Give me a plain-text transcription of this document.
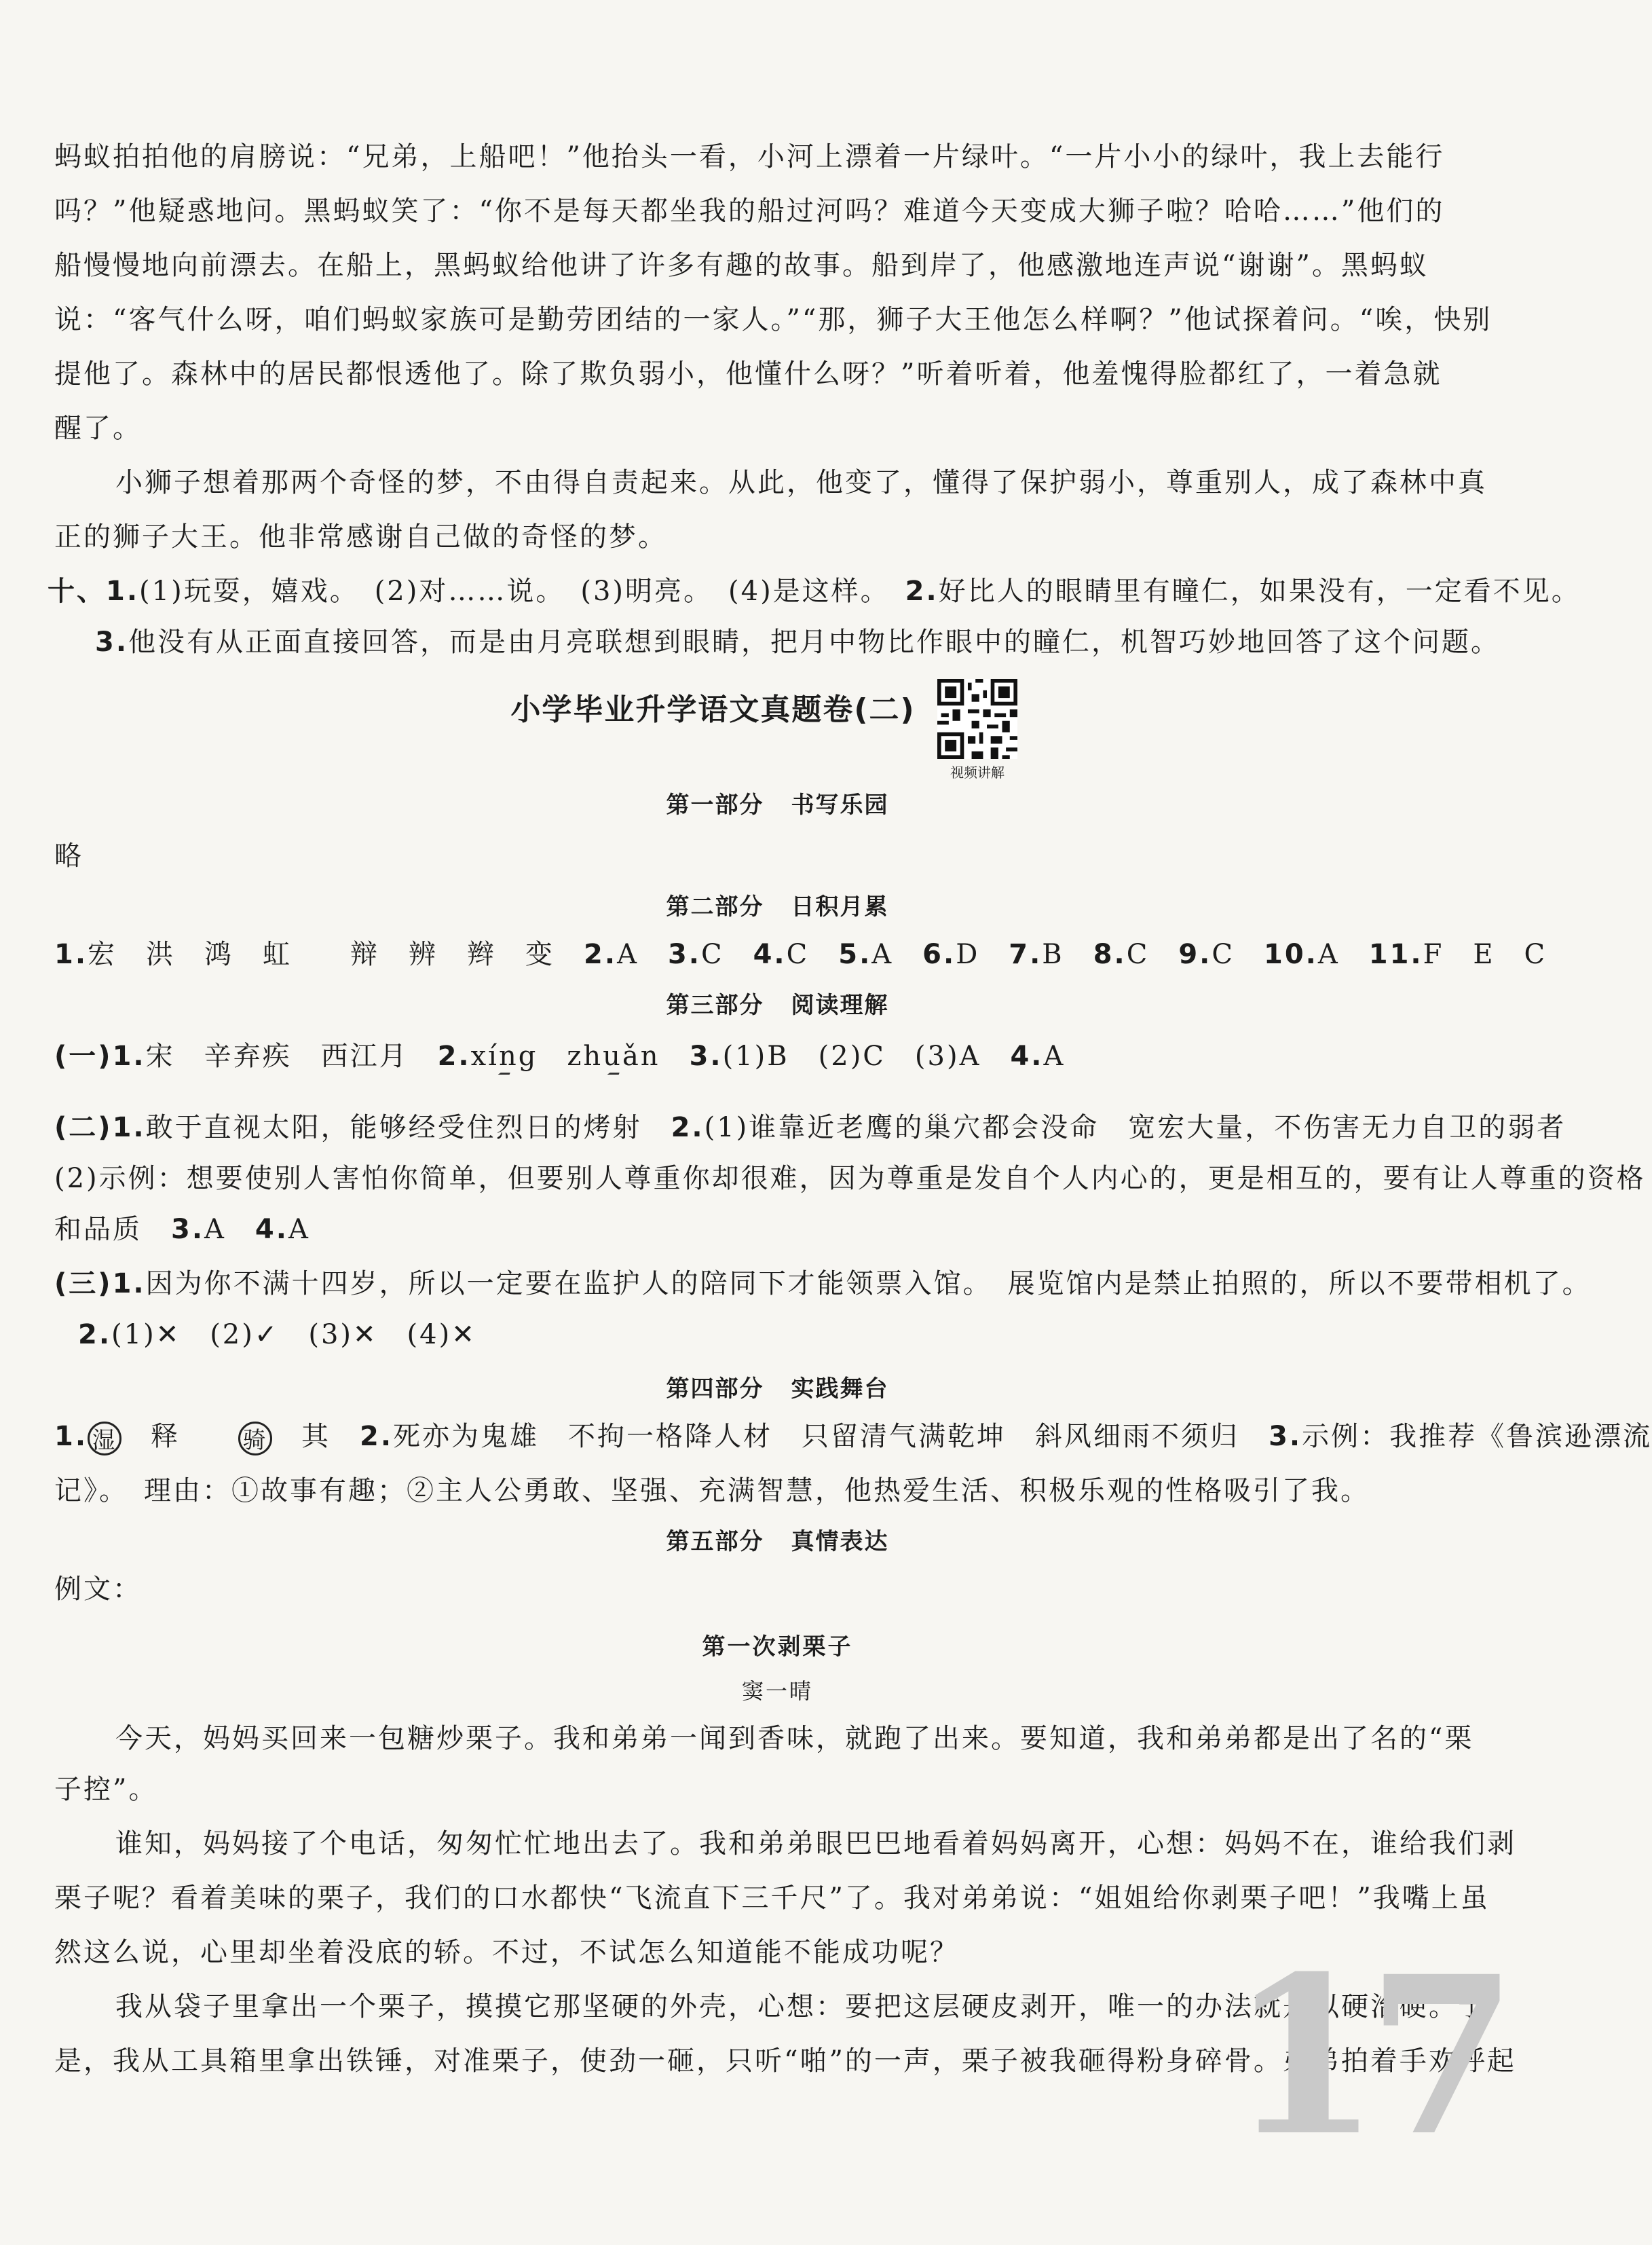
蚂蚁拍拍他的肩膀说：“兄弟，上船吧！”他抬头一看，小河上漂着一片绿叶。“一片小小的绿叶，我上去能行
吗？”他疑惑地问。黑蚂蚁笑了：“你不是每天都坐我的船过河吗？难道今天变成大狮子啦？哈哈……”他们的
船慢慢地向前漂去。在船上，黑蚂蚁给他讲了许多有趣的故事。船到岸了，他感激地连声说“谢谢”。黑蚂蚁
说：“客气什么呀，咱们蚂蚁家族可是勤劳团结的一家人。”“那，狮子大王他怎么样啊？”他试探着问。“唉，快别
提他了。森林中的居民都恨透他了。除了欺负弱小，他懂什么呀？”听着听着，他羞愧得脸都红了，一着急就
醒了。
小狮子想着那两个奇怪的梦，不由得自责起来。从此，他变了，懂得了保护弱小，尊重别人，成了森林中真
正的狮子大王。他非常感谢自己做的奇怪的梦。
十、1.(1)玩耍，嬉戏。　(2)对……说。　(3)明亮。　(4)是这样。　 2.好比人的眼睛里有瞳仁，如果没有，一定看不见。
3.他没有从正面直接回答，而是由月亮联想到眼睛，把月中物比作眼中的瞳仁，机智巧妙地回答了这个问题。
小学毕业升学语文真题卷(二)
视频讲解
第一部分 书写乐园
略
第二部分 日积月累
1.宏　洪　鸿　虹　　辩　辨　辫　变　 2.A　 3.C　 4.C　 5.A　 6.D　 7.B　 8.C　 9.C　 10.A　 11.F　E　C
第三部分 阅读理解
(一)1.宋　辛弃疾　西江月　 2.xíng
　 zhuǎn
　 3.(1)B　(2)C　(3)A　 4.A
(二)1.敢于直视太阳，能够经受住烈日的烤射　 2.(1)谁靠近老鹰的巢穴都会没命　宽宏大量，不伤害无力自卫的弱者
(2)示例：想要使别人害怕你简单，但要别人尊重你却很难，因为尊重是发自个人内心的，更是相互的，要有让人尊重的资格
和品质　 3.A　 4.A
(三)1.因为你不满十四岁，所以一定要在监护人的陪同下才能领票入馆。　展览馆内是禁止拍照的，所以不要带相机了。
2.(1)✕　(2)✓　(3)✕　(4)✕
第四部分 实践舞台
1. 湿　 释　　	骑　 其　 2.死亦为鬼雄　不拘一格降人材　只留清气满乾坤　斜风细雨不须归　 3.示例：我推荐《鲁滨逊漂流
记》。　理由：①故事有趣；②主人公勇敢、坚强、充满智慧，他热爱生活、积极乐观的性格吸引了我。
第五部分 真情表达
例文：
第一次剥栗子
窦一晴
今天，妈妈买回来一包糖炒栗子。我和弟弟一闻到香味，就跑了出来。要知道，我和弟弟都是出了名的“栗
子控”。
谁知，妈妈接了个电话，匆匆忙忙地出去了。我和弟弟眼巴巴地看着妈妈离开，心想：妈妈不在，谁给我们剥
栗子呢？看着美味的栗子，我们的口水都快“飞流直下三千尺”了。我对弟弟说：“姐姐给你剥栗子吧！”我嘴上虽
然这么说，心里却坐着没底的轿。不过，不试怎么知道能不能成功呢？
我从袋子里拿出一个栗子，摸摸它那坚硬的外壳，心想：要把这层硬皮剥开，唯一的办法就是以硬治硬。于
是，我从工具箱里拿出铁锤，对准栗子，使劲一砸，只听“啪”的一声，栗子被我砸得粉身碎骨。弟弟拍着手欢呼起
17
